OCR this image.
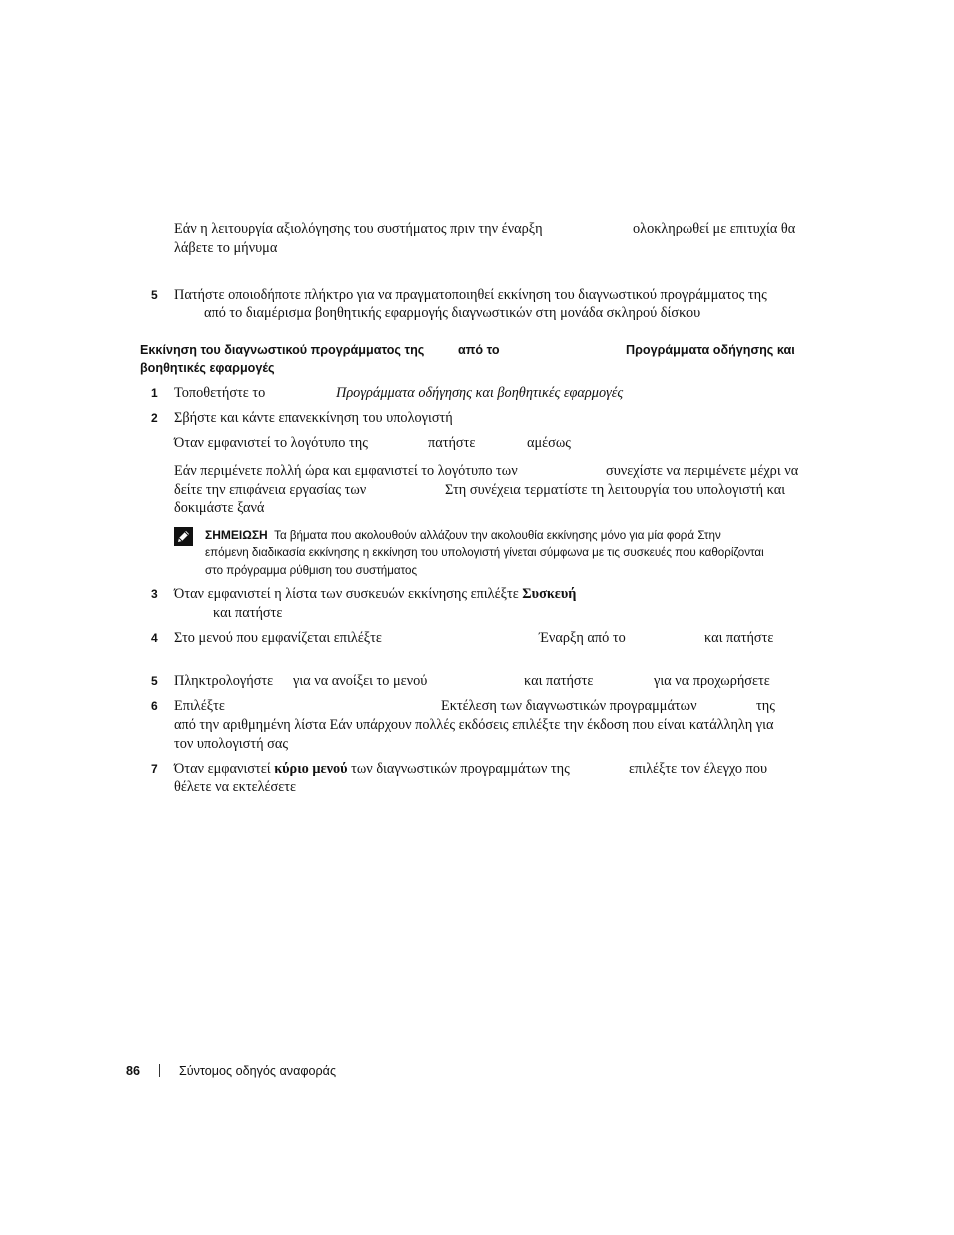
Εάν η λειτουργία αξιολόγησης του συστήματος πριν την έναρξη	ολοκληρωθεί με επιτυχία θα
λάβετε το μήνυμα
5 Πατήστε οποιοδήποτε πλήκτρο για να πραγματοποιηθεί εκκίνηση του διαγνωστικού προγράμματος της
από το διαμέρισμα βοηθητικής εφαρμογής διαγνωστικών στη μονάδα σκληρού δίσκου
Εκκίνηση του διαγνωστικού προγράμματος της	από το	Προγράμματα οδήγησης και
βοηθητικές εφαρμογές
1 Τοποθετήστε το	Προγράμματα οδήγησης και βοηθητικές εφαρμογές
2 Σβήστε και κάντε επανεκκίνηση του υπολογιστή
Όταν εμφανιστεί το λογότυπο της	πατήστε	αμέσως
Εάν περιμένετε πολλή ώρα και εμφανιστεί το λογότυπο των	συνεχίστε να περιμένετε μέχρι να
δείτε την επιφάνεια εργασίας των	Στη συνέχεια τερματίστε τη λειτουργία του υπολογιστή και
δοκιμάστε ξανά
ΣΗΜΕΙΩΣΗ Τα βήματα που ακολουθούν αλλάζουν την ακολουθία εκκίνησης μόνο για μία φορά Στην
επόμενη διαδικασία εκκίνησης η εκκίνηση του υπολογιστή γίνεται σύμφωνα με τις συσκευές που καθορίζονται
στο πρόγραμμα ρύθμιση του συστήματος
3 Όταν εμφανιστεί η λίστα των συσκευών εκκίνησης επιλέξτε Συσκευή
και πατήστε
4 Στο μενού που εμφανίζεται επιλέξτε	Έναρξη από το	και πατήστε
5 Πληκτρολογήστε για να ανοίξει το μενού	και πατήστε	για να προχωρήσετε
6 Επιλέξτε	Εκτέλεση των διαγνωστικών προγραμμάτων	της
από την αριθμημένη λίστα Εάν υπάρχουν πολλές εκδόσεις επιλέξτε την έκδοση που είναι κατάλληλη για
τον υπολογιστή σας
7 Όταν εμφανιστεί κύριο μενού των διαγνωστικών προγραμμάτων της	επιλέξτε τον έλεγχο που
θέλετε να εκτελέσετε
86	Σύντομος οδηγός αναφοράς
